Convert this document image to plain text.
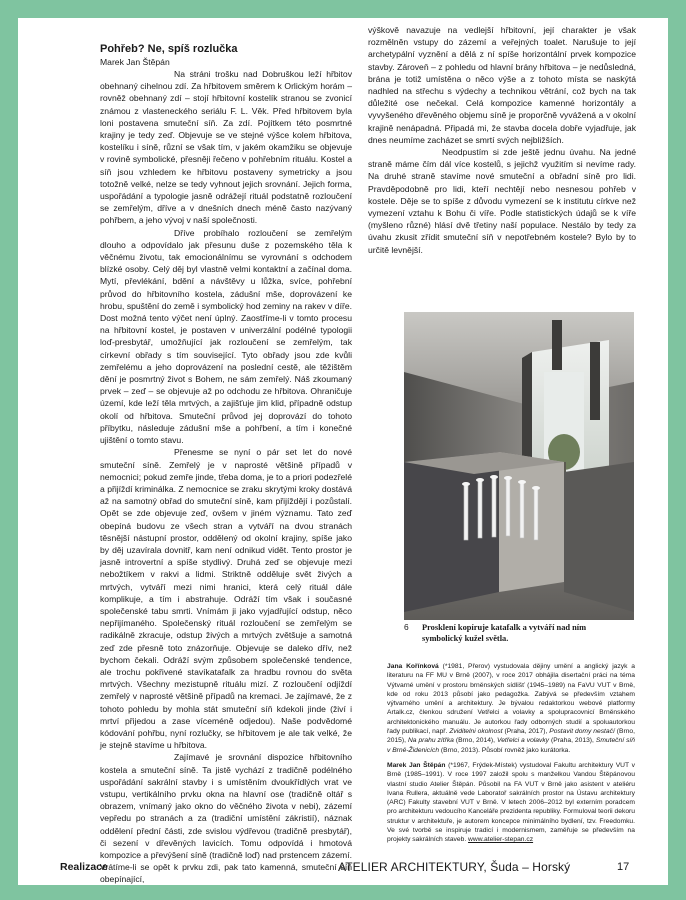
Pohřeb? Ne, spíš rozlučka

Marek Jan Štěpán

Na stráni trošku nad Dobruškou leží hřbitov obehnaný cihelnou zdí. Za hřbitovem směrem k Orlickým horám – rovněž obehnaný zdí – stojí hřbitovní kostelík stranou se zvonicí známou z vlasteneckého seriálu F. L. Věk. Před hřbitovem byla loni postavena smuteční síň. Za zdí. Pojítkem této posmrtné krajiny je tedy zeď. Objevuje se ve stejné výšce kolem hřbitova, kostelíku i síně, různí se však tím, v jakém okamžiku se objevuje v rovině symbolické, přesněji řečeno v pohřebním rituálu. Kostel a síň jsou vzhledem ke hřbitovu postaveny symetricky a jsou totožně velké, nelze se tedy vyhnout jejich srovnání. Jejich forma, uspořádání a typologie jasně odrážejí rituál podstatně rozloučení se zemřelým, dříve a v dnešních dnech méně často nazývaný pohřbem, a jeho vývoj v naší společnosti.

Dříve probíhalo rozloučení se zemřelým dlouho a odpovídalo jak přesunu duše z pozemského těla k věčnému životu, tak emocionálnímu se vyrovnání s odchodem blízké osoby. Celý děj byl vlastně velmi kontaktní a začínal doma. Mytí, převlékání, bdění a návštěvy u lůžka, svíce, pohřební průvod do hřbitovního kostela, zádušní mše, doprovázení ke hrobu, spuštění do země i symbolický hod zeminy na rakev v díře. Dost možná tento výčet není úplný. Zaostříme-li v tomto procesu na hřbitovní kostel, je postaven v univerzální podélné typologii loď-presbytář, umožňující jak rozloučení se zemřelým, tak církevní obřady s tím související. Tyto obřady jsou zde kvůli zemřelému a jeho doprovázení na poslední cestě, ale těžištěm dění je posmrtný život s Bohem, ne sám zemřelý. Náš zkoumaný prvek – zeď – se objevuje až po odchodu ze hřbitova. Ohraničuje území, kde leží těla mrtvých, a zajišťuje jim klid, případně odstup okolí od hřbitova. Smuteční průvod jej doprovází do tohoto příbytku, následuje zádušní mše a pohřbení, a tím i konečné ujištění o tomto stavu.

Přenesme se nyní o pár set let do nové smuteční síně. Zemřelý je v naprosté většině případů v nemocnici; pokud zemře jinde, třeba doma, je to a priori podezřelé a přijíždí kriminálka. Z nemocnice se zraku skrytými kroky dostává až na samotný obřad do smuteční síně, kam přijíždějí i pozůstalí. Opět se zde objevuje zeď, ovšem v jiném významu. Tato zeď obepíná budovu ze všech stran a vytváří na dvou stranách těsnější nástupní prostor, oddělený od okolní krajiny, spíše jako by děj uzavírala dovnitř, kam není odnikud vidět. Tento prostor je jasně introvertní a spíše stydlivý. Druhá zeď se objevuje mezi nebožtíkem v rakvi a lidmi. Striktně odděluje svět živých a mrtvých, vytváří mezi nimi hranici, která celý rituál dále komplikuje, a tím i abstrahuje. Odráží tím však i současné společenské tabu smrti. Vnímám ji jako vyjadřující odstup, něco nepřijímaného. Společenský rituál rozloučení se zemřelým se radikálně zkracuje, odstup živých a mrtvých zvětšuje a samotná zeď zde přesně toto znázorňuje. Objevuje se daleko dřív, než bychom čekali. Odráží svým způsobem společenské tendence, ale trochu pokřivené stavíkatafalk za hradbu rovnou do světa mrtvých. Všechny mezistupně rituálu mizí. Z rozloučení odjíždí zemřelý v naprosté většině případů na kremaci. Je zajímavé, že z tohoto pohledu by mohla stát smuteční síň kdekoli jinde (živí i mrtví přijedou a zase víceméně odjedou). Naše podvědomé kódování pohřbu, nyní rozlučky, se hřbitovem je ale tak velké, že je stejně stavíme u hřbitova.

Zajímavé je srovnání dispozice hřbitovního kostela a smuteční síně. Ta jistě vychází z tradičně podélného uspořádání sakrální stavby i s umístěním dvoukřídlých vrat ve vstupu, vertikálního prvku okna na hlavní ose (tradičně oltář s obrazem, vnímaný jako okno do věčného života v nebi), zázemí vepředu po stranách a za (tradiční umístění zákristií), náznak oddělení přední části, zde svislou výdřevou (tradičně presbytář), či sezení v dřevěných lavicích. Tomu odpovídá i hmotová kompozice a převýšení síně (tradičně loď) nad prstencem zázemí. Vrátíme-li se opět k prvku zdi, pak tato kamenná, smuteční síň obepínající,

výškově navazuje na vedlejší hřbitovní, její charakter je však rozmělněn vstupy do zázemí a veřejných toalet. Narušuje to její archetypální vyznění a dělá z ní spíše horizontální prvek kompozice stavby. Zároveň – z pohledu od hlavní brány hřbitova – je nedůsledná, brána je totiž umístěna o něco výše a z tohoto místa se naskýtá nadhled na střechu s výdechy a technikou větrání, což bych na tak důležité ose nečekal. Celá kompozice kamenné horizontály a vyvyšeného dřevěného objemu síně je proporčně vyvážená a v okolní krajině nenápadná. Připadá mi, že stavba docela dobře vyjadřuje, jak dnes neumíme zacházet se smrtí svých nejbližších.

Neodpustím si zde ještě jednu úvahu. Na jedné straně máme čím dál více kostelů, s jejichž využitím si nevíme rady. Na druhé straně stavíme nové smuteční a obřadní síně pro lidi. Pravděpodobně pro lidi, kteří nechtějí nebo nesnesou pohřeb v kostele. Děje se to spíše z důvodu vymezení se k institutu církve než vymezení vztahu k Bohu či víře. Podle statistických údajů se k víře (myšleno různé) hlásí dvě třetiny naší populace. Nestálo by tedy za úvahu zkusit zřídit smuteční síň v nepotřebném kostele? Bylo by to určitě levnější.

6 Prosklení kopíruje katafalk a vytváří nad ním
symbolický kužel světla.

Jana Kořínková (*1981, Přerov) vystudovala dějiny umění a anglický jazyk a literaturu na FF MU v Brně (2007), v roce 2017 obhájila disertační práci na téma Výtvarné umění v prostoru brněnských sídlišť (1945–1989) na FaVU VUT v Brně, kde od roku 2013 působí jako pedagožka. Zabývá se především vztahem výtvarného umění a architektury. Je bývalou redaktorkou webové platformy Artalk.cz, členkou sdružení Vetřelci a volavky a spolupracovnicí Brněnského architektonického manuálu. Je autorkou řady odborných studií a spoluautorkou řady publikací, např. Zviditelni okolnost (Praha, 2017), Postavit domy nestačí (Brno, 2015), Na prahu zítřka (Brno, 2014), Vetřelci a volavky (Praha, 2013), Smuteční síň v Brně-Židenicích (Brno, 2013). Působí rovněž jako kurátorka.

Marek Jan Štěpán (*1967, Frýdek-Místek) vystudoval Fakultu architektury VUT v Brně (1985–1991). V roce 1997 založil spolu s manželkou Vandou Štěpánovou vlastní studio Atelier Štěpán. Působil na FA VUT v Brně jako asistent v ateliéru Ivana Rullera, aktuálně vede Laboratoř sakrálních prostor na Ústavu architektury (ARC) Fakulty stavební VUT v Brně. V letech 2006–2012 byl externím poradcem pro architekturu vedoucího Kanceláře prezidenta republiky. Formuloval teorii dekoru struktur v architektuře, je autorem koncepce minimálního bydlení, tzv. Freedomku. Ve své tvorbě se inspiruje tradicí i modernismem, zaměřuje se především na projekty sakrálních staveb. www.atelier-stepan.cz

Realizace	ATELIER ARCHITEKTURY, Šuda – Horský	17
